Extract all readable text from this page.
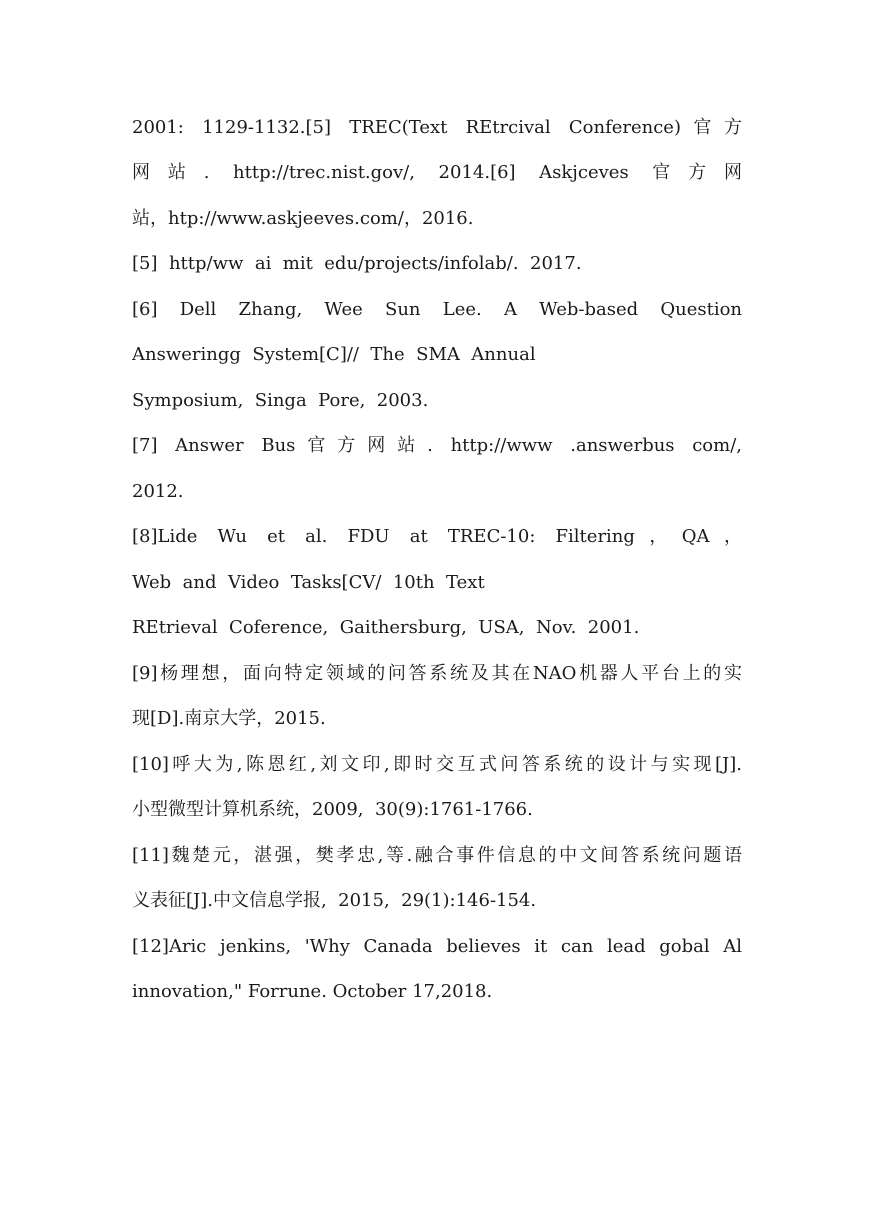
2001: 1129-1132.[5] TREC(Text REtrcival Conference)官方
网站. http://trec.nist.gov/, 2014.[6] Askjceves 官方网
站，htp://www.askjeeves.com/，2016.
[5]  http/ww  ai  mit  edu/projects/infolab/.  2017.
[6] Dell Zhang, Wee Sun Lee. A Web-based Question
Answeringg  System[C]//  The  SMA  Annual
Symposium,  Singa  Pore,  2003.
[7] Answer Bus官方网站. http://www .answerbus com/,
2012.
[8]Lide Wu et al. FDU at TREC-10: Filtering，QA，
Web  and  Video  Tasks[CV/  10th  Text
REtrieval  Coference,  Gaithersburg,  USA,  Nov.  2001.
[9]杨理想，面向特定领域的问答系统及其在NAO机器人平台上的实
现[D].南京大学，2015.
[10]呼大为,陈恩红,刘文印,即时交互式问答系统的设计与实现[J].
小型微型计算机系统，2009,  30(9):1761-1766.
[11]魏楚元，湛强，樊孝忠,等.融合事件信息的中文间答系统问题语
义表征[J].中文信息学报,  2015,  29(1):146-154.
[12]Aric jenkins, 'Why Canada believes it can lead gobal Al
innovation," Forrune. October 17,2018.
